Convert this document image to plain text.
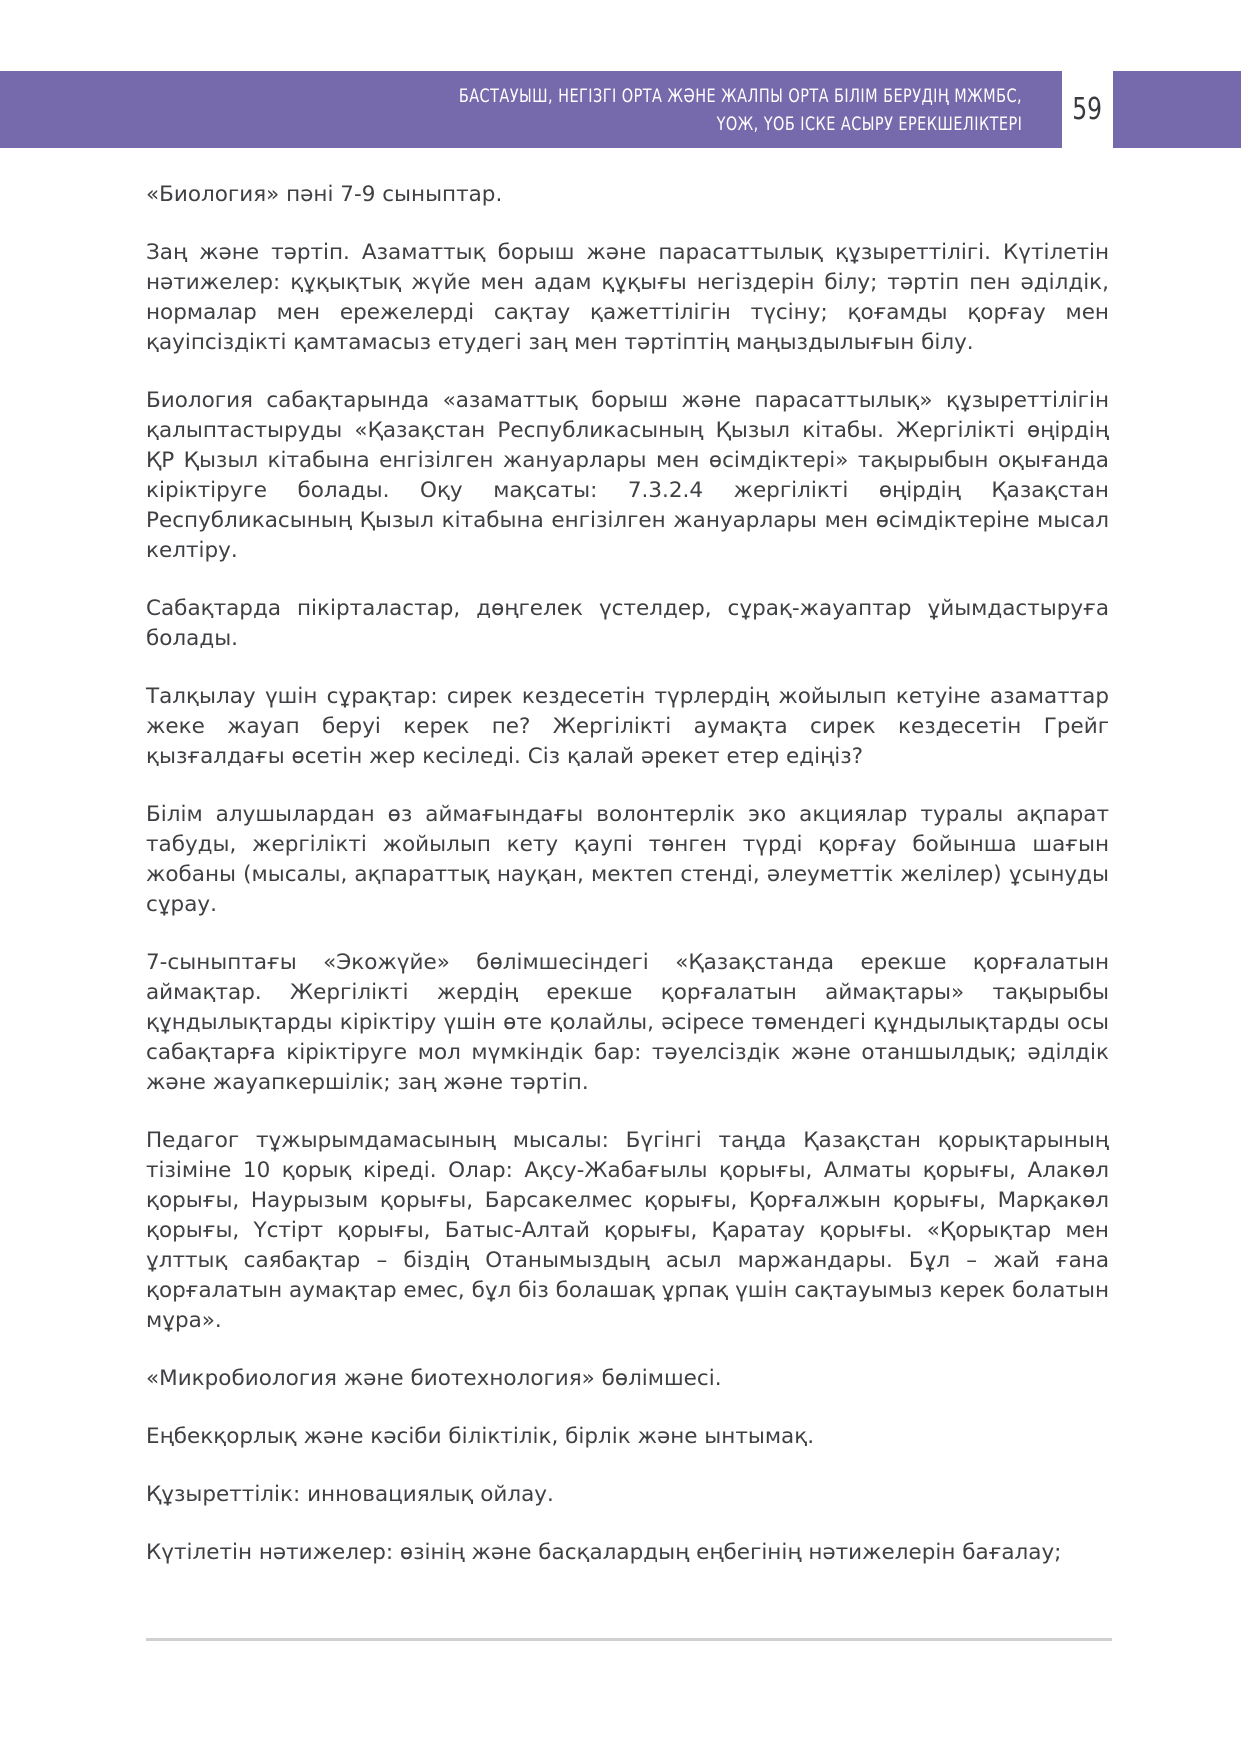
БАСТАУЫШ, НЕГІЗГІ ОРТА ЖӘНЕ ЖАЛПЫ ОРТА БІЛІМ БЕРУДІҢ МЖМБС,
ҮОЖ, ҮОБ ІСКЕ АСЫРУ ЕРЕКШЕЛІКТЕРІ 59

«Биология» пәні 7-9 сыныптар.

Заң және тәртіп. Азаматтық борыш және парасаттылық құзыреттілігі. Күтілетін нәтижелер: құқықтық жүйе мен адам құқығы негіздерін білу; тәртіп пен әділдік, нормалар мен ережелерді сақтау қажеттілігін түсіну; қоғамды қорғау мен қауіпсіздікті қамтамасыз етудегі заң мен тәртіптің маңыздылығын білу.

Биология сабақтарында «азаматтық борыш және парасаттылық» құзыреттілігін қалыптастыруды «Қазақстан Республикасының Қызыл кітабы. Жергілікті өңірдің ҚР Қызыл кітабына енгізілген жануарлары мен өсімдіктері» тақырыбын оқығанда кіріктіруге болады. Оқу мақсаты: 7.3.2.4 жергілікті өңірдің Қазақстан Республикасының Қызыл кітабына енгізілген жануарлары мен өсімдіктеріне мысал келтіру.

Сабақтарда пікірталастар, дөңгелек үстелдер, сұрақ-жауаптар ұйымдастыруға болады.

Талқылау үшін сұрақтар: сирек кездесетін түрлердің жойылып кетуіне азаматтар жеке жауап беруі керек пе? Жергілікті аумақта сирек кездесетін Грейг қызғалдағы өсетін жер кесіледі. Сіз қалай әрекет етер едіңіз?

Білім алушылардан өз аймағындағы волонтерлік эко акциялар туралы ақпарат табуды, жергілікті жойылып кету қаупі төнген түрді қорғау бойынша шағын жобаны (мысалы, ақпараттық науқан, мектеп стенді, әлеуметтік желілер) ұсынуды сұрау.

7-сыныптағы «Экожүйе» бөлімшесіндегі «Қазақстанда ерекше қорғалатын аймақтар. Жергілікті жердің ерекше қорғалатын аймақтары» тақырыбы құндылықтарды кіріктіру үшін өте қолайлы, әсіресе төмендегі құндылықтарды осы сабақтарға кіріктіруге мол мүмкіндік бар: тәуелсіздік және отаншылдық; әділдік және жауапкершілік; заң және тәртіп.

Педагог тұжырымдамасының мысалы: Бүгінгі таңда Қазақстан қорықтарының тізіміне 10 қорық кіреді. Олар: Ақсу-Жабағылы қорығы, Алматы қорығы, Алакөл қорығы, Наурызым қорығы, Барсакелмес қорығы, Қорғалжын қорығы, Марқакөл қорығы, Үстірт қорығы, Батыс-Алтай қорығы, Қаратау қорығы. «Қорықтар мен ұлттық саябақтар – біздің Отанымыздың асыл маржандары. Бұл – жай ғана қорғалатын аумақтар емес, бұл біз болашақ ұрпақ үшін сақтауымыз керек болатын мұра».

«Микробиология және биотехнология» бөлімшесі.

Еңбекқорлық және кәсіби біліктілік, бірлік және ынтымақ.

Құзыреттілік: инновациялық ойлау.

Күтілетін нәтижелер: өзінің және басқалардың еңбегінің нәтижелерін бағалау;
